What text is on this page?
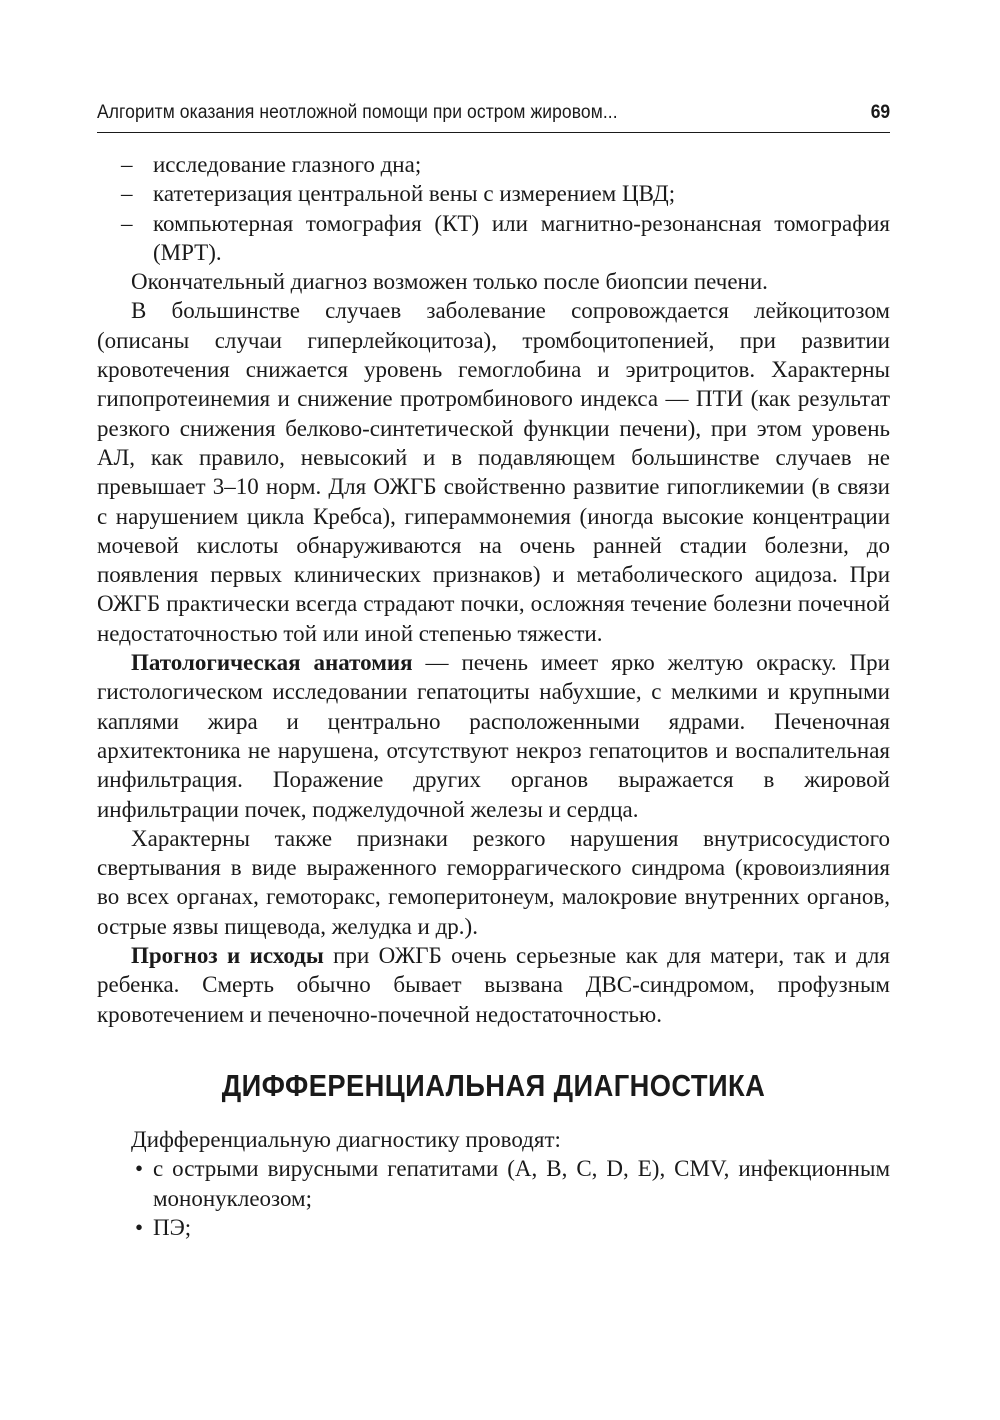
Алгоритм оказания неотложной помощи при остром жировом...	69
– исследование глазного дна;
– катетеризация центральной вены с измерением ЦВД;
– компьютерная томография (КТ) или магнитно-резонансная томография (МРТ).

Окончательный диагноз возможен только после биопсии печени.

В большинстве случаев заболевание сопровождается лейкоцитозом (описаны случаи гиперлейкоцитоза), тромбоцитопенией, при развитии кровотечения снижается уровень гемоглобина и эритроцитов. Характерны гипопротеинемия и снижение протромбинового индекса — ПТИ (как результат резкого снижения белково-синтетической функции печени), при этом уровень АЛ, как правило, невысокий и в подавляющем большинстве случаев не превышает 3–10 норм. Для ОЖГБ свойственно развитие гипогликемии (в связи с нарушением цикла Кребса), гипераммонемия (иногда высокие концентрации мочевой кислоты обнаруживаются на очень ранней стадии болезни, до появления первых клинических признаков) и метаболического ацидоза. При ОЖГБ практически всегда страдают почки, осложняя течение болезни почечной недостаточностью той или иной степенью тяжести.

Патологическая анатомия — печень имеет ярко желтую окраску. При гистологическом исследовании гепатоциты набухшие, с мелкими и крупными каплями жира и центрально расположенными ядрами. Печеночная архитектоника не нарушена, отсутствуют некроз гепатоцитов и воспалительная инфильтрация. Поражение других органов выражается в жировой инфильтрации почек, поджелудочной железы и сердца.

Характерны также признаки резкого нарушения внутрисосудистого свертывания в виде выраженного геморрагического синдрома (кровоизлияния во всех органах, гемоторакс, гемоперитонеум, малокровие внутренних органов, острые язвы пищевода, желудка и др.).

Прогноз и исходы при ОЖГБ очень серьезные как для матери, так и для ребенка. Смерть обычно бывает вызвана ДВС-синдромом, профузным кровотечением и печеночно-почечной недостаточностью.

ДИФФЕРЕНЦИАЛЬНАЯ ДИАГНОСТИКА

Дифференциальную диагностику проводят:

• с острыми вирусными гепатитами (A, B, C, D, E), CMV, инфекционным мононуклеозом;
• ПЭ;
